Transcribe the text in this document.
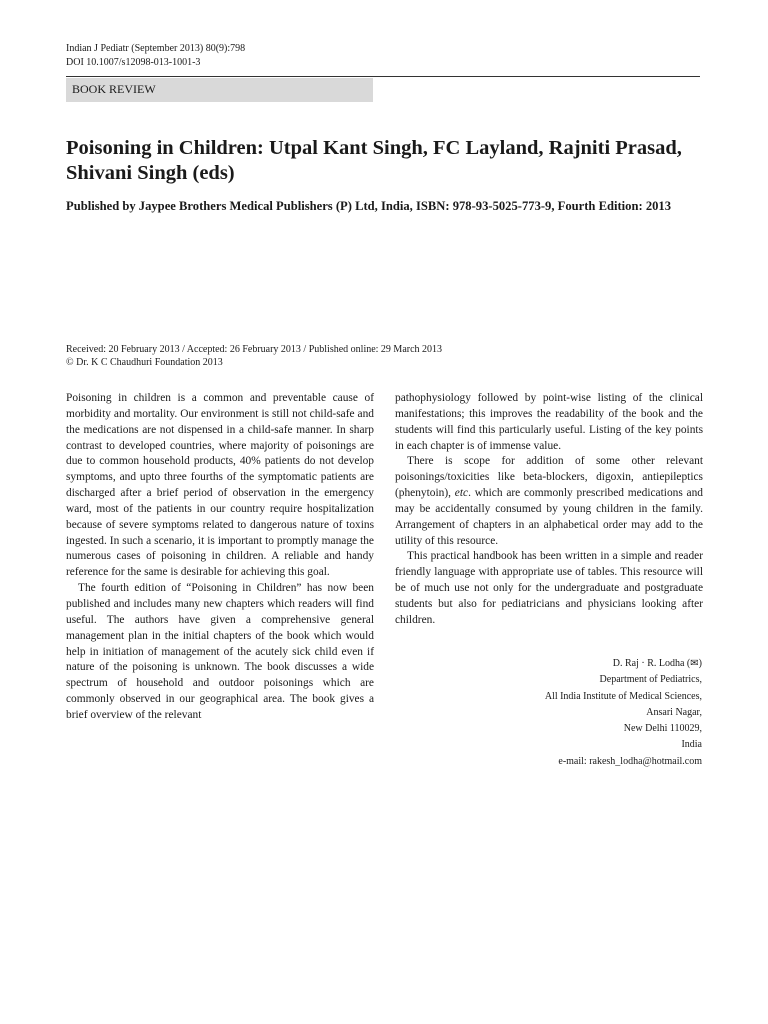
Indian J Pediatr (September 2013) 80(9):798
DOI 10.1007/s12098-013-1001-3
BOOK REVIEW
Poisoning in Children: Utpal Kant Singh, FC Layland, Rajniti Prasad, Shivani Singh (eds)

Published by Jaypee Brothers Medical Publishers (P) Ltd, India, ISBN: 978-93-5025-773-9, Fourth Edition: 2013

Received: 20 February 2013 / Accepted: 26 February 2013 / Published online: 29 March 2013
© Dr. K C Chaudhuri Foundation 2013

Poisoning in children is a common and preventable cause of morbidity and mortality. Our environment is still not child-safe and the medications are not dispensed in a child-safe manner. In sharp contrast to developed countries, where majority of poisonings are due to common household products, 40% patients do not develop symptoms, and upto three fourths of the symptomatic patients are discharged after a brief period of observation in the emergency ward, most of the patients in our country require hospitalization because of severe symptoms related to dangerous nature of toxins ingested. In such a scenario, it is important to promptly manage the numerous cases of poisoning in children. A reliable and handy reference for the same is desirable for achieving this goal.

The fourth edition of “Poisoning in Children” has now been published and includes many new chapters which readers will find useful. The authors have given a comprehensive general management plan in the initial chapters of the book which would help in initiation of management of the acutely sick child even if nature of the poisoning is unknown. The book discusses a wide spectrum of household and outdoor poisonings which are commonly observed in our geographical area. The book gives a brief overview of the relevant

pathophysiology followed by point-wise listing of the clinical manifestations; this improves the readability of the book and the students will find this particularly useful. Listing of the key points in each chapter is of immense value.

There is scope for addition of some other relevant poisonings/toxicities like beta-blockers, digoxin, antiepileptics (phenytoin), etc. which are commonly prescribed medications and may be accidentally consumed by young children in the family. Arrangement of chapters in an alphabetical order may add to the utility of this resource.

This practical handbook has been written in a simple and reader friendly language with appropriate use of tables. This resource will be of much use not only for the undergraduate and postgraduate students but also for pediatricians and physicians looking after children.

D. Raj · R. Lodha (✉)
Department of Pediatrics,
All India Institute of Medical Sciences,
Ansari Nagar,
New Delhi 110029,
India
e-mail: rakesh_lodha@hotmail.com
